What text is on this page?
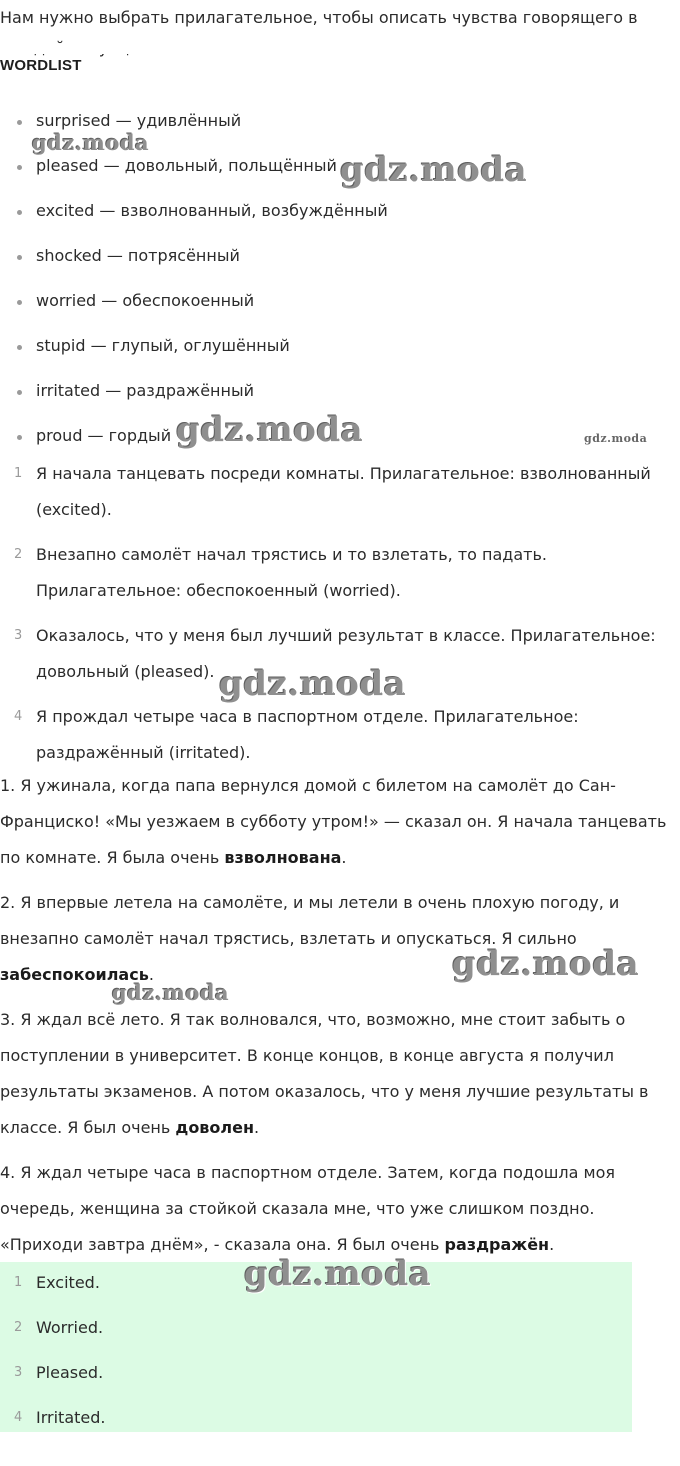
Нам нужно выбрать прилагательное, чтобы описать чувства говорящего в
WORDLIST
surprised — удивлённый
pleased — довольный, польщённый
excited — взволнованный, возбуждённый
shocked — потрясённый
worried — обеспокоенный
stupid — глупый, оглушённый
irritated — раздражённый
proud — гордый
1 Я начала танцевать посреди комнаты. Прилагательное: взволнованный (excited).
2 Внезапно самолёт начал трястись и то взлетать, то падать. Прилагательное: обеспокоенный (worried).
3 Оказалось, что у меня был лучший результат в классе. Прилагательное: довольный (pleased).
4 Я прождал четыре часа в паспортном отделе. Прилагательное: раздражённый (irritated).

1. Я ужинала, когда папа вернулся домой с билетом на самолёт до Сан-Франциско! «Мы уезжаем в субботу утром!» — сказал он. Я начала танцевать по комнате. Я была очень взволнована.

2. Я впервые летела на самолёте, и мы летели в очень плохую погоду, и внезапно самолёт начал трястись, взлетать и опускаться. Я сильно забеспокоилась.

3. Я ждал всё лето. Я так волновался, что, возможно, мне стоит забыть о поступлении в университет. В конце концов, в конце августа я получил результаты экзаменов. А потом оказалось, что у меня лучшие результаты в классе. Я был очень доволен.

4. Я ждал четыре часа в паспортном отделе. Затем, когда подошла моя очередь, женщина за стойкой сказала мне, что уже слишком поздно. «Приходи завтра днём», - сказала она. Я был очень раздражён.

1 Excited.
2 Worried.
3 Pleased.
4 Irritated.
gdz.moda
gdz.moda
gdz.moda	gdz.moda
gdz.moda
gdz.moda
gdz.moda
gdz.moda
